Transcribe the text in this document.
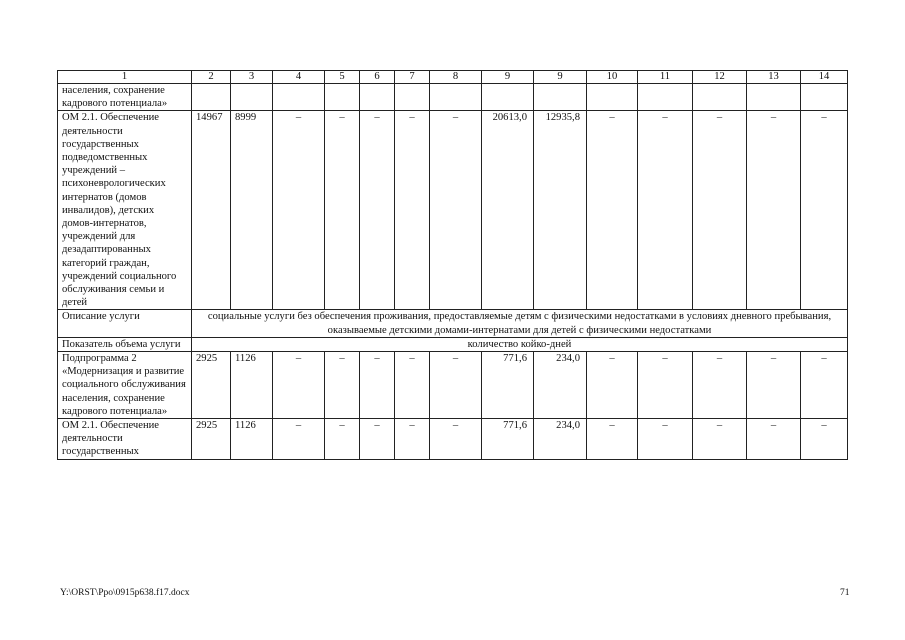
1	2	3	4	5	6	7	8	9	9	10	11	12	13	14
населения, сохранение кадрового потенциала»														
ОМ 2.1. Обеспечение деятельности государственных подведомственных учреждений – психоневрологических интернатов (домов инвалидов), детских домов-интернатов, учреждений для дезадаптированных категорий граждан, учреждений социального обслуживания семьи и детей	14967	8999	–	–	–	–	–	20613,0	12935,8	–	–	–	–	–
Описание услуги	социальные услуги без обеспечения проживания, предоставляемые детям с физическими недостатками в условиях дневного пребывания, оказываемые детскими домами-интернатами для детей с физическими недостатками													
Показатель объема услуги	количество койко-дней													
Подпрограмма 2 «Модернизация и развитие социального обслуживания населения, сохранение кадрового потенциала»	2925	1126	–	–	–	–	–	771,6	234,0	–	–	–	–	–
ОМ 2.1. Обеспечение деятельности государственных	2925	1126	–	–	–	–	–	771,6	234,0	–	–	–	–	–
Y:\ORST\Ppo\0915p638.f17.docx	71
